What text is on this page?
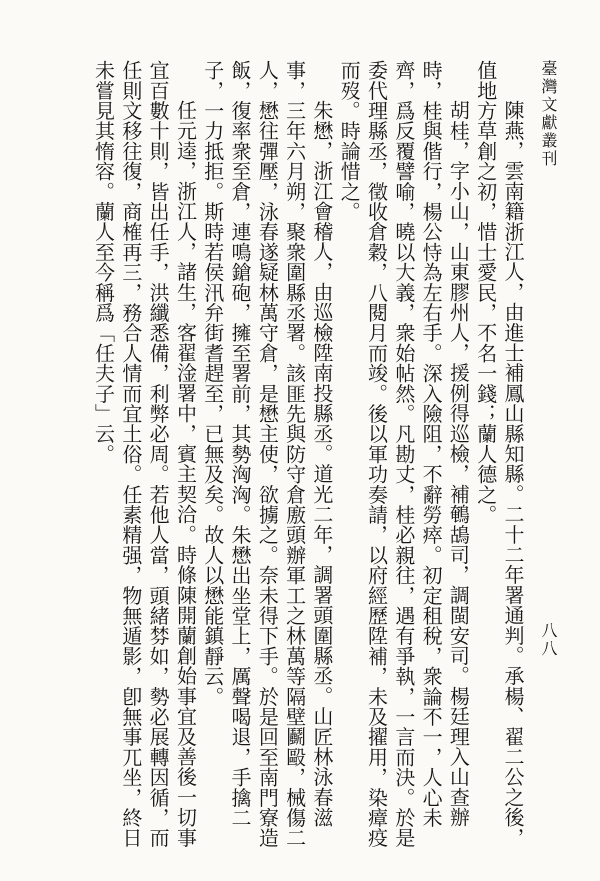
臺灣文獻叢刊
八八

陳燕，雲南籍浙江人，由進士補鳳山縣知縣。二十二年署通判。承楊、翟二公之後，值地方草創之初，惜士愛民，不名一錢；蘭人德之。

胡桂，字小山，山東膠州人，援例得巡檢，補鵪鴣司，調閩安司。楊廷理入山查辦時，桂與偕行，楊公恃為左右手。深入險阻，不辭勞瘁。初定租稅，衆論不一，人心未齊，爲反覆譬喻，曉以大義，衆始帖然。凡勘丈，桂必親往，遇有爭執，一言而決。於是委代理縣丞，徵收倉穀，八閱月而竣。後以軍功奏請，以府經歷陞補，未及擢用，染瘴疫而歿。時論惜之。

朱懋，浙江會稽人，由巡檢陞南投縣丞。道光二年，調署頭圍縣丞。山匠林泳春滋事，三年六月朔，聚衆圍縣丞署。該匪先與防守倉廒頭辦軍工之林萬等隔壁鬬毆，械傷二人，懋往彈壓，泳春遂疑林萬守倉，是懋主使，欲擄之。奈未得下手。於是回至南門寮造飯，復率衆至倉，連鳴鎗砲，擁至署前，其勢洶洶。朱懋出坐堂上，厲聲喝退，手擒二子，一力抵拒。斯時若侯汛弁街耆趕至，已無及矣。故人以懋能鎮靜云。

任元逵，浙江人，諸生，客翟淦署中，賓主契洽。時條陳開蘭創始事宜及善後一切事宜百數十則，皆出任手，洪纖悉備，利弊必周。若他人當，頭緒棼如，勢必展轉因循，而任則文移往復，商榷再三，務合人情而宜土俗。任素精强，物無遁影，卽無事兀坐，終日未嘗見其惰容。蘭人至今稱爲「任夫子」云。
